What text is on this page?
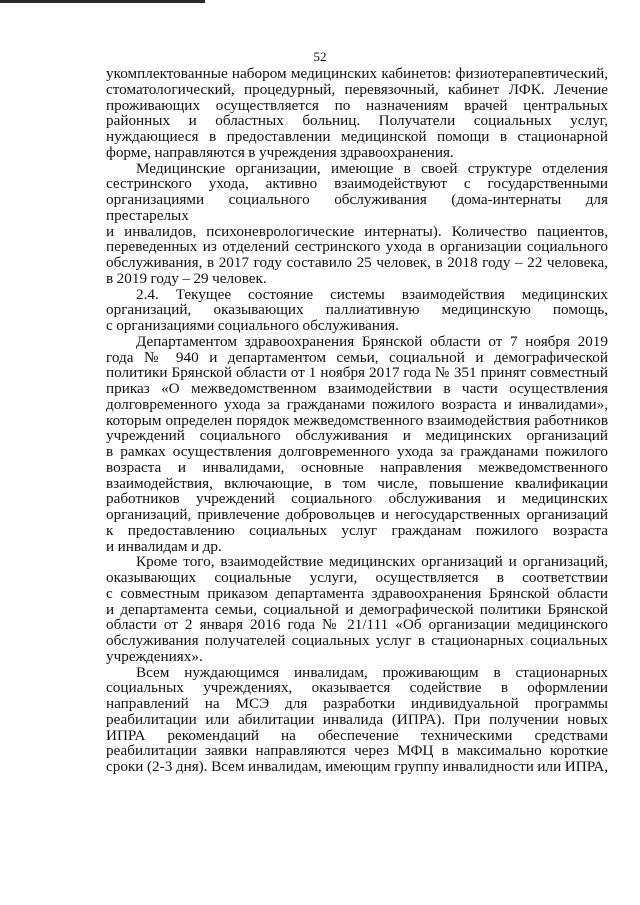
52

укомплектованные набором медицинских кабинетов: физиотерапевтический,

стоматологический, процедурный, перевязочный, кабинет ЛФК. Лечение

проживающих осуществляется по назначениям врачей центральных

районных и областных больниц. Получатели социальных услуг,

нуждающиеся в предоставлении медицинской помощи в стационарной

форме, направляются в учреждения здравоохранения.

Медицинские организации, имеющие в своей структуре отделения

сестринского ухода, активно взаимодействуют с государственными

организациями социального обслуживания (дома-интернаты для престарелых

и инвалидов, психоневрологические интернаты). Количество пациентов,

переведенных из отделений сестринского ухода в организации социального

обслуживания, в 2017 году составило 25 человек, в 2018 году – 22 человека,

в 2019 году – 29 человек.

2.4. Текущее состояние системы взаимодействия медицинских

организаций, оказывающих паллиативную медицинскую помощь,

с организациями социального обслуживания.

Департаментом здравоохранения Брянской области от 7 ноября 2019

года № 940 и департаментом семьи, социальной и демографической

политики Брянской области от 1 ноября 2017 года № 351 принят совместный

приказ «О межведомственном взаимодействии в части осуществления

долговременного ухода за гражданами пожилого возраста и инвалидами»,

которым определен порядок межведомственного взаимодействия работников

учреждений социального обслуживания и медицинских организаций

в рамках осуществления долговременного ухода за гражданами пожилого

возраста и инвалидами, основные направления межведомственного

взаимодействия, включающие, в том числе, повышение квалификации

работников учреждений социального обслуживания и медицинских

организаций, привлечение добровольцев и негосударственных организаций

к предоставлению социальных услуг гражданам пожилого возраста

и инвалидам и др.

Кроме того, взаимодействие медицинских организаций и организаций,

оказывающих социальные услуги, осуществляется в соответствии

с совместным приказом департамента здравоохранения Брянской области

и департамента семьи, социальной и демографической политики Брянской

области от 2 января 2016 года № 21/111 «Об организации медицинского

обслуживания получателей социальных услуг в стационарных социальных

учреждениях».

Всем нуждающимся инвалидам, проживающим в стационарных

социальных учреждениях, оказывается содействие в оформлении

направлений на МСЭ для разработки индивидуальной программы

реабилитации или абилитации инвалида (ИПРА). При получении новых

ИПРА рекомендаций на обеспечение техническими средствами

реабилитации заявки направляются через МФЦ в максимально короткие

сроки (2-3 дня). Всем инвалидам, имеющим группу инвалидности или ИПРА,
